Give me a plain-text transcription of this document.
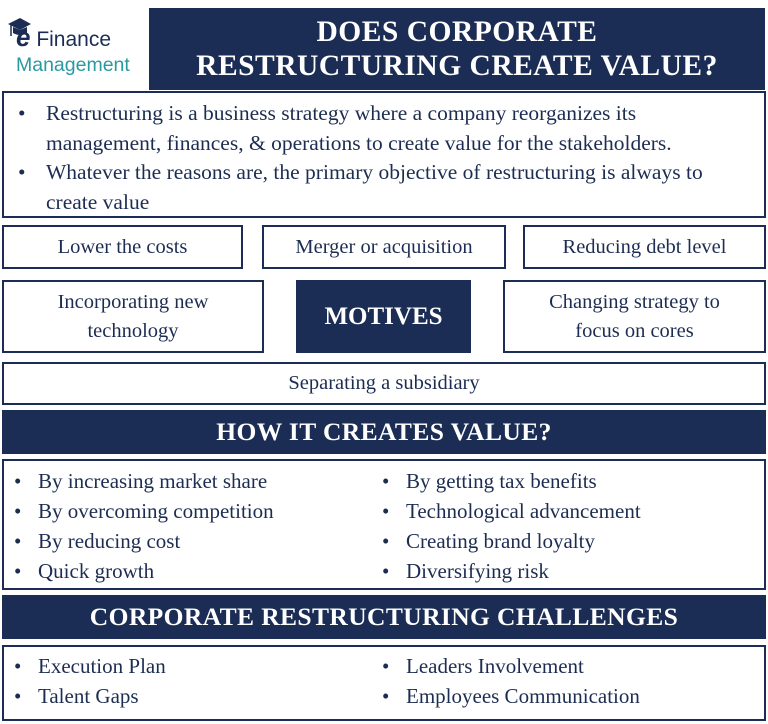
e Finance
Management
DOES CORPORATE
RESTRUCTURING CREATE VALUE?
• Restructuring is a business strategy where a company reorganizes its management, finances, & operations to create value for the stakeholders.
• Whatever the reasons are, the primary objective of restructuring is always to create value
Lower the costs	Merger or acquisition	Reducing debt level
Incorporating new technology
MOTIVES
Changing strategy to focus on cores
Separating a subsidiary
HOW IT CREATES VALUE?
• By increasing market share
• By overcoming competition
• By reducing cost
• Quick growth
• By getting tax benefits
• Technological advancement
• Creating brand loyalty
• Diversifying risk
CORPORATE RESTRUCTURING CHALLENGES
• Execution Plan
• Talent Gaps
• Leaders Involvement
• Employees Communication
